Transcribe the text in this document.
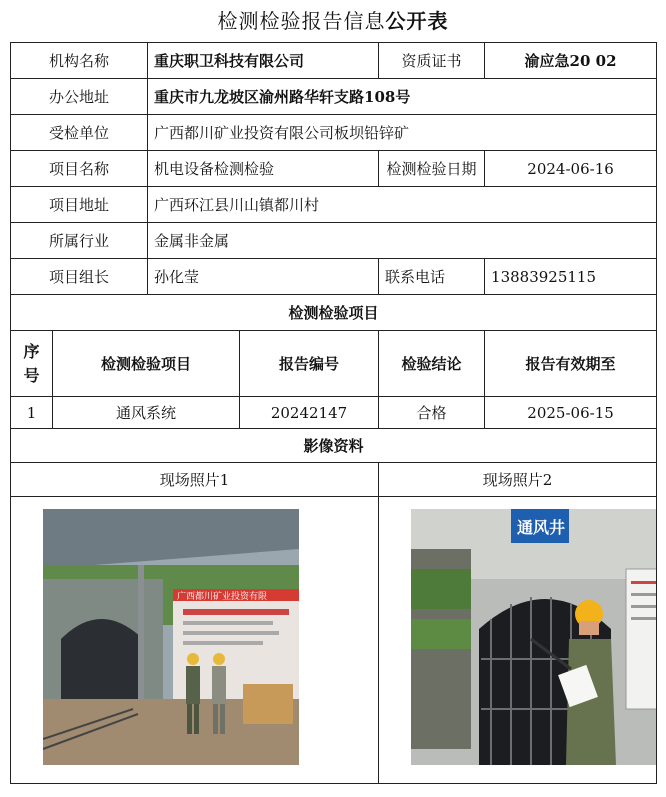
检测检验报告信息公开表
机构名称		重庆职卫科技有限公司		资质证书	渝应急20 02
办公地址		重庆市九龙坡区渝州路华轩支路108号			
受检单位		广西都川矿业投资有限公司板坝铅锌矿			
项目名称		机电设备检测检验		检测检验日期	2024-06-16
项目地址		广西环江县川山镇都川村			
所属行业		金属非金属			
项目组长		孙化莹		联系电话	13883925115
检测检验项目					
序号	检测检验项目		报告编号	检验结论	报告有效期至
1	通风系统		20242147	合格	2025-06-15
影像资料					
现场照片1				现场照片2	

广西都川矿业投资有限				通风井	
